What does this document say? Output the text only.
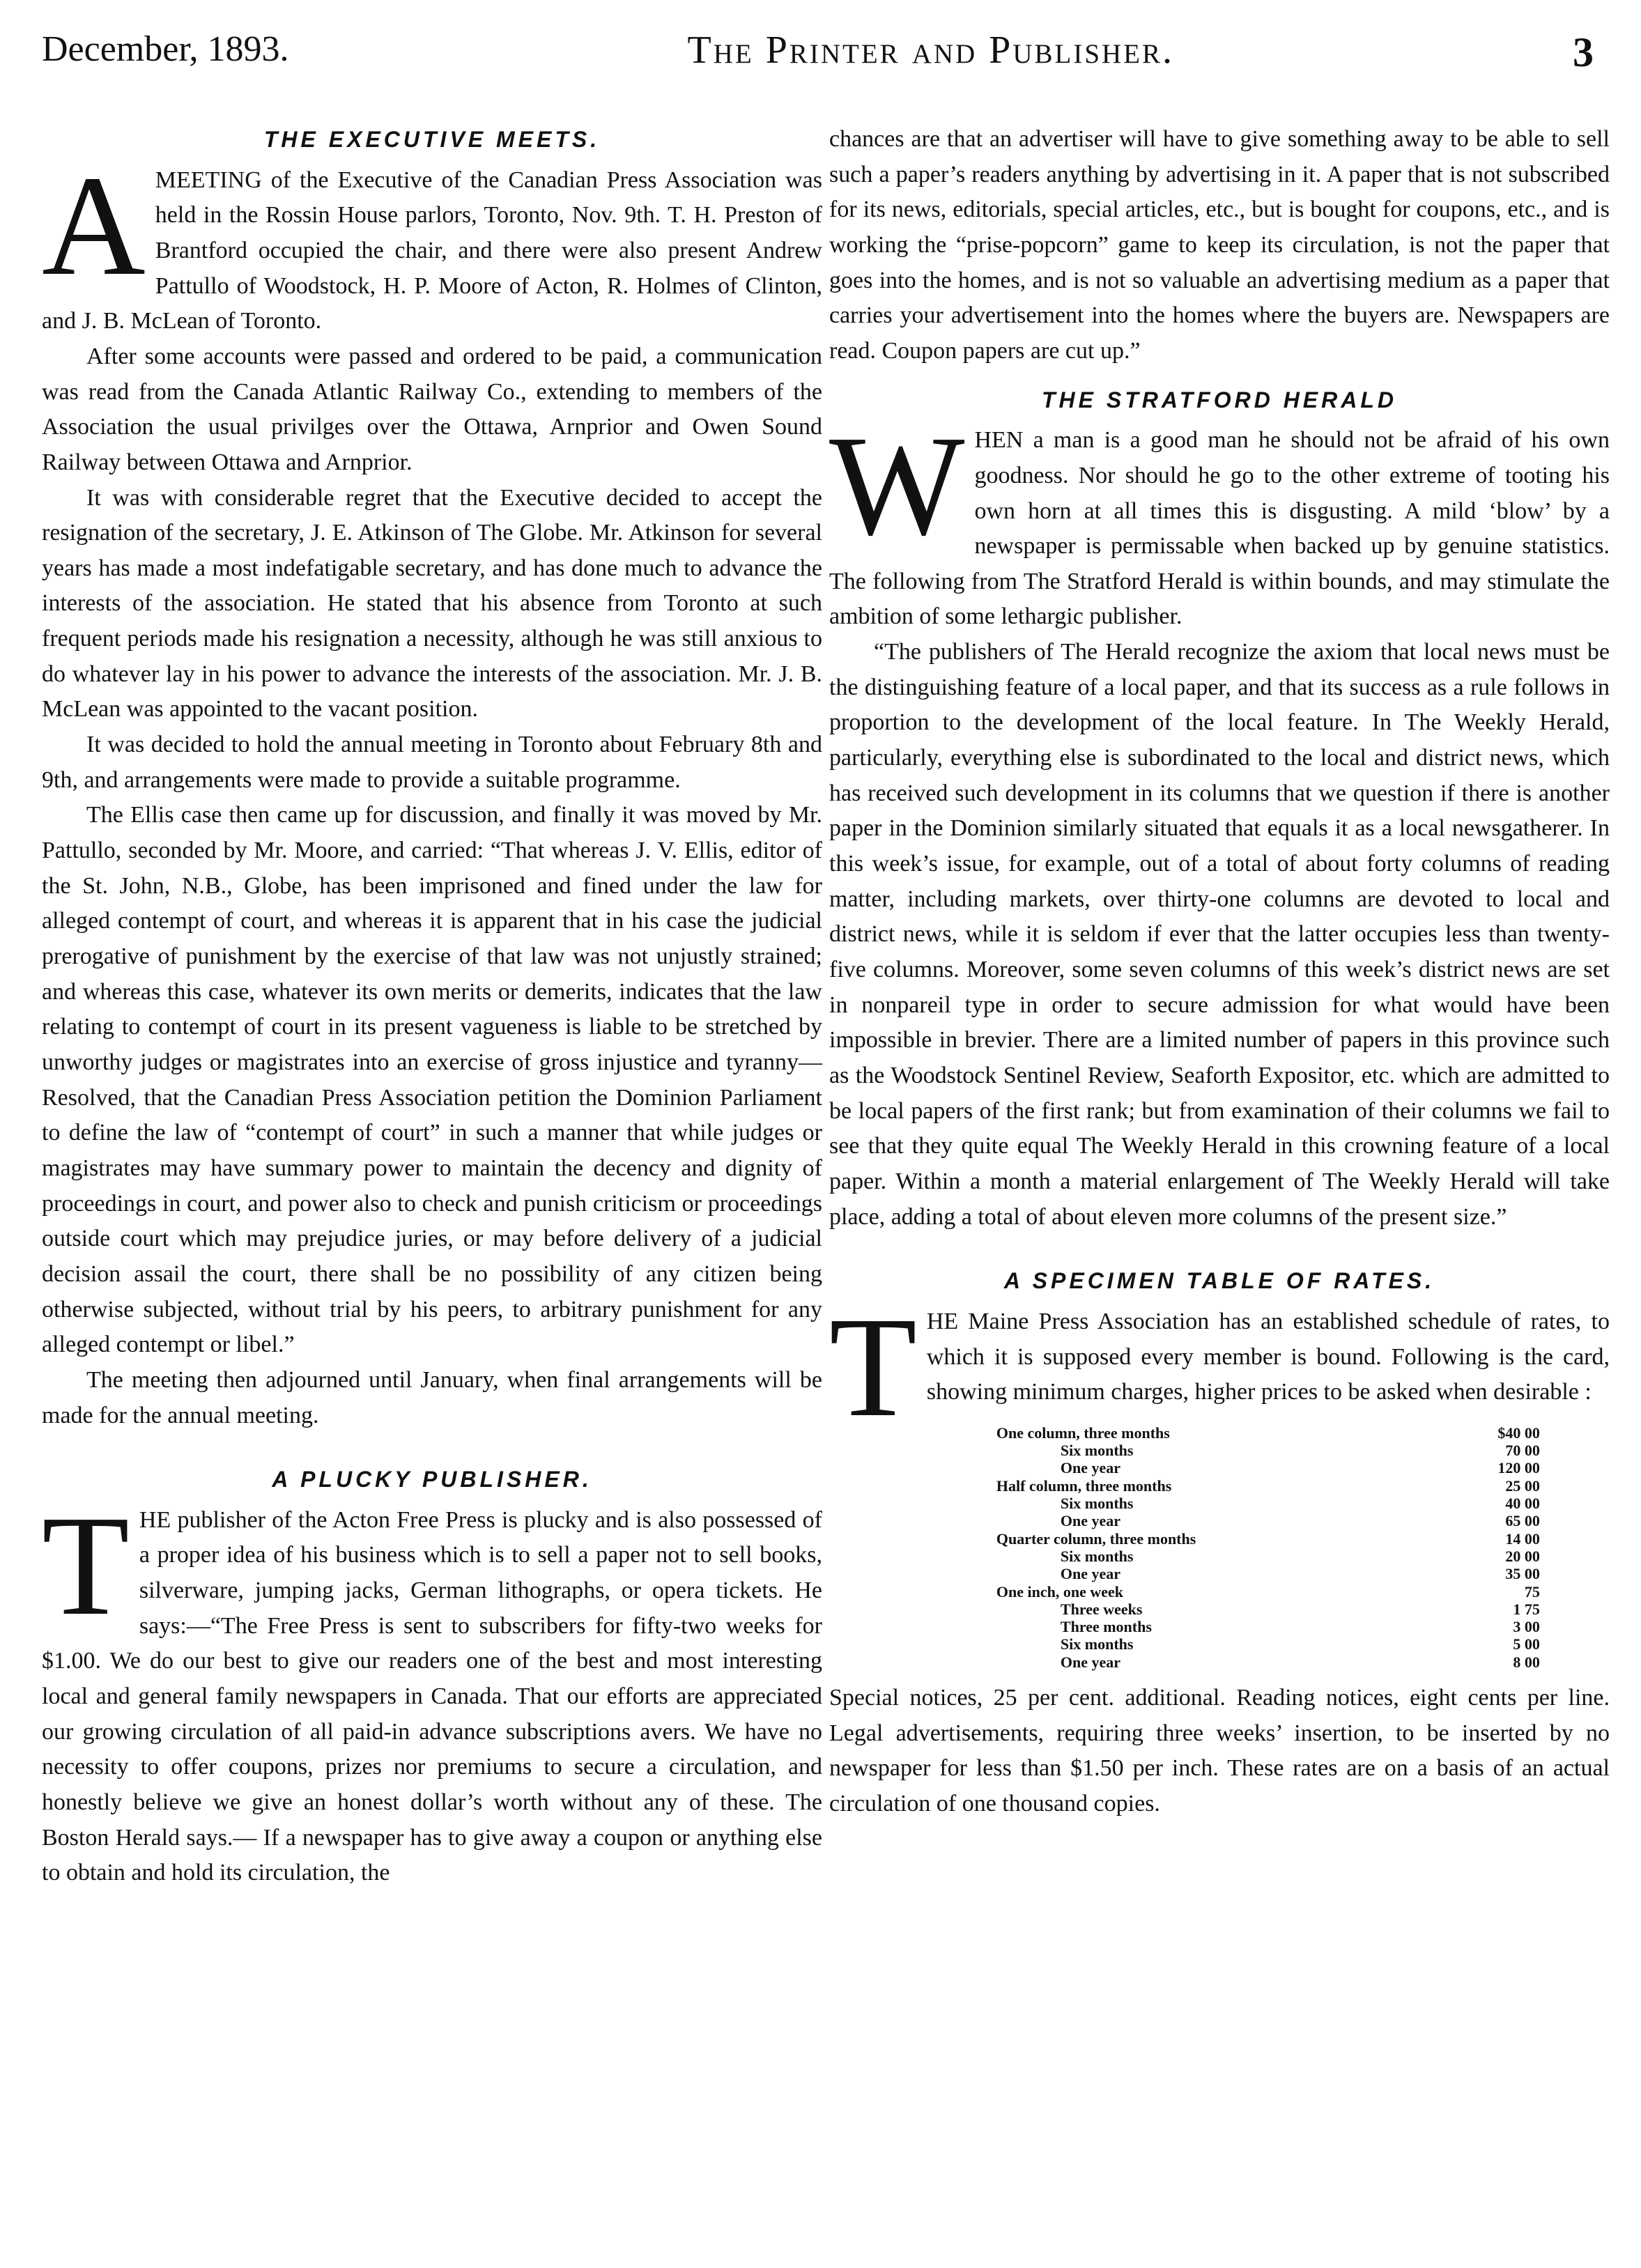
December, 1893.	The Printer and Publisher.	3
THE EXECUTIVE MEETS.

AMEETING of the Executive of the Canadian Press Association was held in the Rossin House parlors, Toronto, Nov. 9th. T. H. Preston of Brantford occupied the chair, and there were also present Andrew Pattullo of Woodstock, H. P. Moore of Acton, R. Holmes of Clinton, and J. B. McLean of Toronto.

After some accounts were passed and ordered to be paid, a communication was read from the Canada Atlantic Railway Co., extending to members of the Association the usual privilges over the Ottawa, Arnprior and Owen Sound Railway between Ottawa and Arnprior.

It was with considerable regret that the Executive decided to accept the resignation of the secretary, J. E. Atkinson of The Globe. Mr. Atkinson for several years has made a most indefatigable secretary, and has done much to advance the interests of the association. He stated that his absence from Toronto at such frequent periods made his resignation a necessity, although he was still anxious to do whatever lay in his power to advance the interests of the association. Mr. J. B. McLean was appointed to the vacant position.

It was decided to hold the annual meeting in Toronto about February 8th and 9th, and arrangements were made to provide a suitable programme.

The Ellis case then came up for discussion, and finally it was moved by Mr. Pattullo, seconded by Mr. Moore, and carried: “That whereas J. V. Ellis, editor of the St. John, N.B., Globe, has been imprisoned and fined under the law for alleged contempt of court, and whereas it is apparent that in his case the judicial prerogative of punishment by the exercise of that law was not unjustly strained; and whereas this case, whatever its own merits or demerits, indicates that the law relating to contempt of court in its present vagueness is liable to be stretched by unworthy judges or magistrates into an exercise of gross injustice and tyranny— Resolved, that the Canadian Press Association petition the Dominion Parliament to define the law of “contempt of court” in such a manner that while judges or magistrates may have summary power to maintain the decency and dignity of proceedings in court, and power also to check and punish criticism or proceedings outside court which may prejudice juries, or may before delivery of a judicial decision assail the court, there shall be no possibility of any citizen being otherwise subjected, without trial by his peers, to arbitrary punishment for any alleged contempt or libel.”

The meeting then adjourned until January, when final arrangements will be made for the annual meeting.

A PLUCKY PUBLISHER.

THE publisher of the Acton Free Press is plucky and is also possessed of a proper idea of his business which is to sell a paper not to sell books, silverware, jumping jacks, German lithographs, or opera tickets. He says:—“The Free Press is sent to subscribers for fifty-two weeks for $1.00. We do our best to give our readers one of the best and most interesting local and general family newspapers in Canada. That our efforts are appreciated our growing circulation of all paid-in advance subscriptions avers. We have no necessity to offer coupons, prizes nor premiums to secure a circulation, and honestly believe we give an honest dollar’s worth without any of these. The Boston Herald says.— If a newspaper has to give away a coupon or anything else to obtain and hold its circulation, the

chances are that an advertiser will have to give something away to be able to sell such a paper’s readers anything by advertising in it. A paper that is not subscribed for its news, editorials, special articles, etc., but is bought for coupons, etc., and is working the “prise-popcorn” game to keep its circulation, is not the paper that goes into the homes, and is not so valuable an advertising medium as a paper that carries your advertisement into the homes where the buyers are. Newspapers are read. Coupon papers are cut up.”

THE STRATFORD HERALD

WHEN a man is a good man he should not be afraid of his own goodness. Nor should he go to the other extreme of tooting his own horn at all times this is disgusting. A mild ‘blow’ by a newspaper is permissable when backed up by genuine statistics. The following from The Stratford Herald is within bounds, and may stimulate the ambition of some lethargic publisher.

“The publishers of The Herald recognize the axiom that local news must be the distinguishing feature of a local paper, and that its success as a rule follows in proportion to the development of the local feature. In The Weekly Herald, particularly, everything else is subordinated to the local and district news, which has received such development in its columns that we question if there is another paper in the Dominion similarly situated that equals it as a local newsgatherer. In this week’s issue, for example, out of a total of about forty columns of reading matter, including markets, over thirty-one columns are devoted to local and district news, while it is seldom if ever that the latter occupies less than twenty-five columns. Moreover, some seven columns of this week’s district news are set in nonpareil type in order to secure admission for what would have been impossible in brevier. There are a limited number of papers in this province such as the Woodstock Sentinel Review, Seaforth Expositor, etc. which are admitted to be local papers of the first rank; but from examination of their columns we fail to see that they quite equal The Weekly Herald in this crowning feature of a local paper. Within a month a material enlargement of The Weekly Herald will take place, adding a total of about eleven more columns of the present size.”

A SPECIMEN TABLE OF RATES.

THE Maine Press Association has an established schedule of rates, to which it is supposed every member is bound. Following is the card, showing minimum charges, higher prices to be asked when desirable :

One column, three months	$40 00
Six months	70 00
One year	120 00
Half column, three months	25 00
Six months	40 00
One year	65 00
Quarter column, three months	14 00
Six months	20 00
One year	35 00
One inch, one week	75
Three weeks	1 75
Three months	3 00
Six months	5 00
One year	8 00

Special notices, 25 per cent. additional. Reading notices, eight cents per line. Legal advertisements, requiring three weeks’ insertion, to be inserted by no newspaper for less than $1.50 per inch. These rates are on a basis of an actual circulation of one thousand copies.
